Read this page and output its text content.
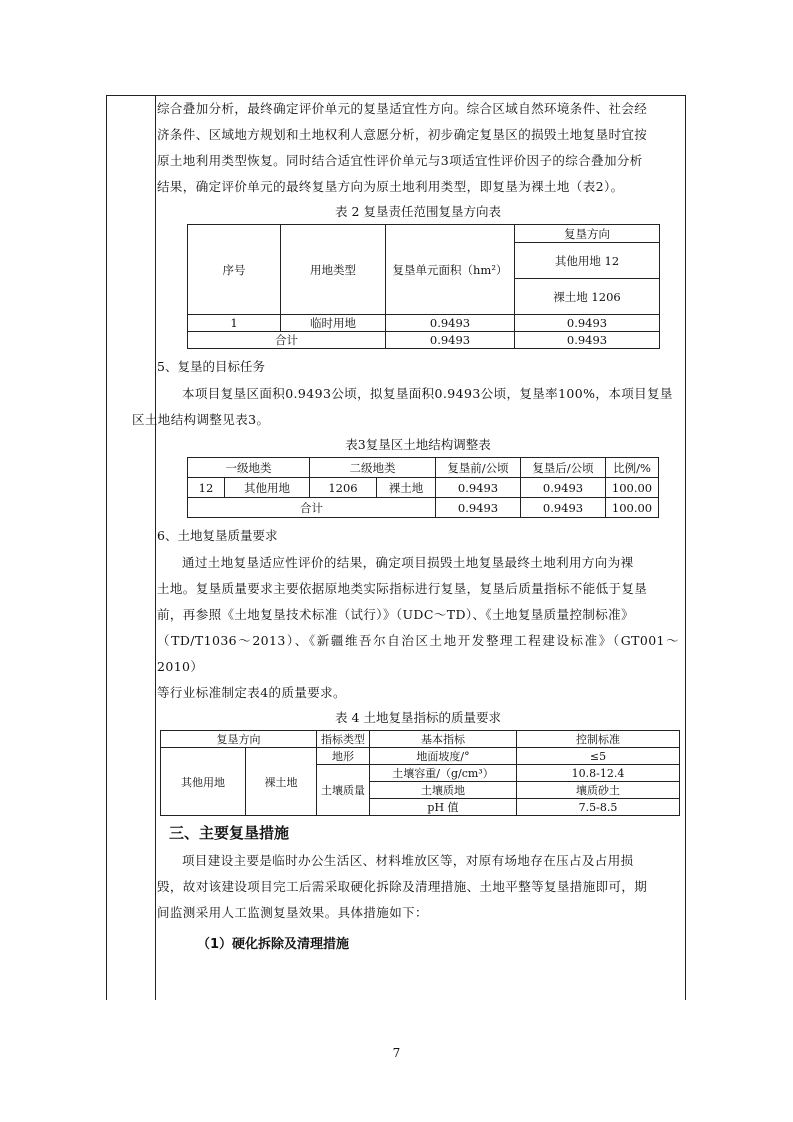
综合叠加分析，最终确定评价单元的复垦适宜性方向。综合区域自然环境条件、社会经
济条件、区域地方规划和土地权利人意愿分析，初步确定复垦区的损毁土地复垦时宜按
原土地利用类型恢复。同时结合适宜性评价单元与3项适宜性评价因子的综合叠加分析
结果，确定评价单元的最终复垦方向为原土地利用类型，即复垦为裸土地（表2）。

表 2 复垦责任范围复垦方向表

序号	用地类型	复垦单元面积（hm²）	复垦方向
			其他用地 12
			裸土地 1206
1	临时用地	0.9493	0.9493
合计		0.9493	0.9493

5、复垦的目标任务

本项目复垦区面积0.9493公顷，拟复垦面积0.9493公顷，复垦率100%，本项目复垦
区土地结构调整见表3。

表3复垦区土地结构调整表

一级地类		二级地类		复垦前/公顷	复垦后/公顷	比例/%
12	其他用地	1206	裸土地	0.9493	0.9493	100.00
合计				0.9493	0.9493	100.00

6、土地复垦质量要求

通过土地复垦适应性评价的结果，确定项目损毁土地复垦最终土地利用方向为裸
土地。复垦质量要求主要依据原地类实际指标进行复垦，复垦后质量指标不能低于复垦
前，再参照《土地复垦技术标准（试行）》（UDC～TD）、《土地复垦质量控制标准》
（TD/T1036～2013）、《新疆维吾尔自治区土地开发整理工程建设标准》（GT001～2010）
等行业标准制定表4的质量要求。

表 4 土地复垦指标的质量要求

复垦方向		指标类型	基本指标	控制标准
其他用地	裸土地	地形	地面坡度/°	≤5
		土壤质量	土壤容重/（g/cm³）	10.8-12.4
			土壤质地	壤质砂土
			pH 值	7.5-8.5

三、主要复垦措施

项目建设主要是临时办公生活区、材料堆放区等，对原有场地存在压占及占用损
毁，故对该建设项目完工后需采取硬化拆除及清理措施、土地平整等复垦措施即可，期
间监测采用人工监测复垦效果。具体措施如下：

（1）硬化拆除及清理措施

7
